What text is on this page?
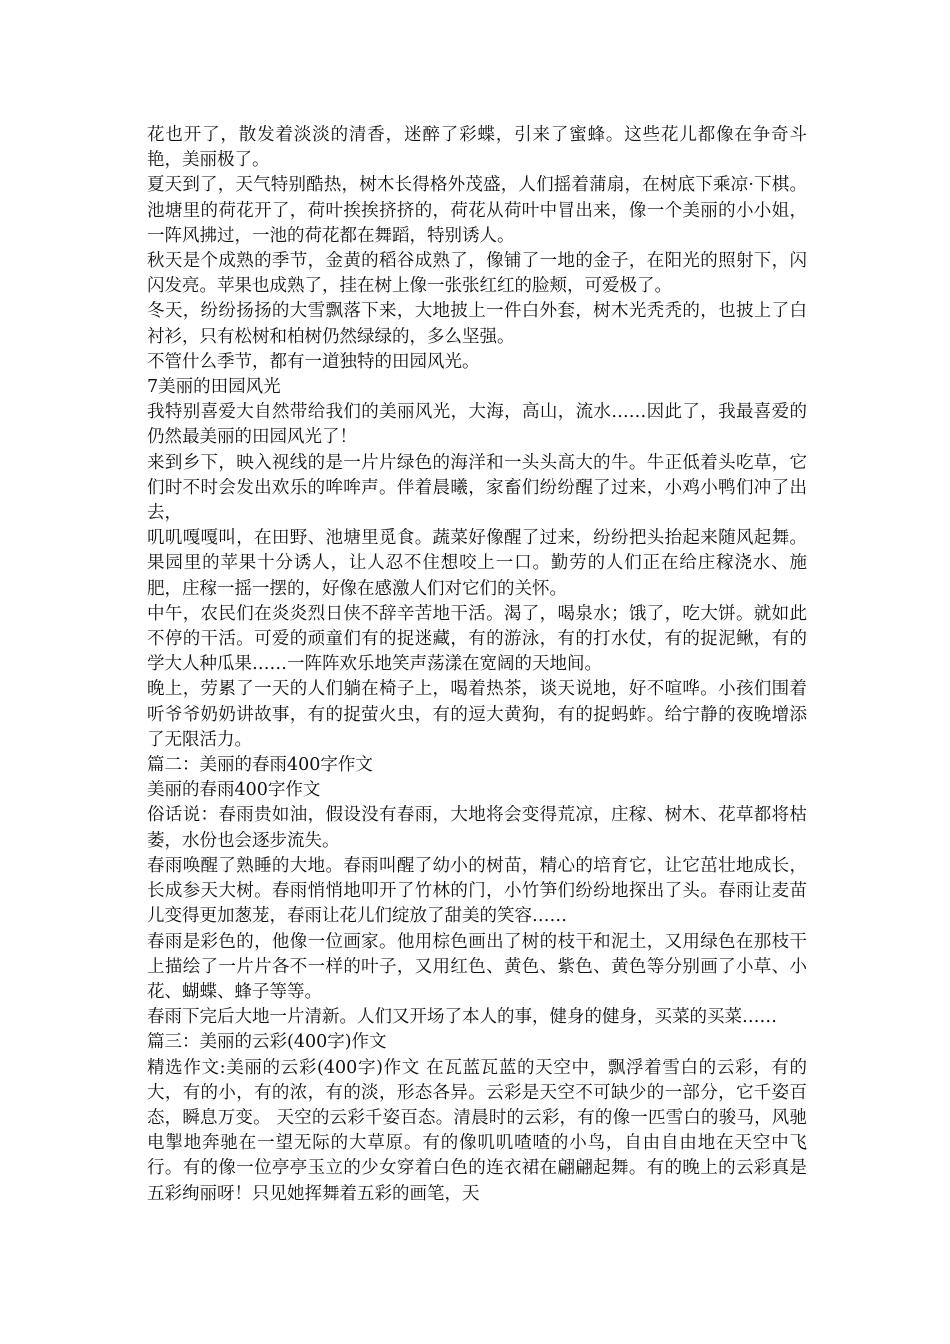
花也开了，散发着淡淡的清香，迷醉了彩蝶，引来了蜜蜂。这些花儿都像在争奇斗艳，美丽极了。

夏天到了，天气特别酷热，树木长得格外茂盛，人们摇着蒲扇，在树底下乘凉·下棋。池塘里的荷花开了，荷叶挨挨挤挤的，荷花从荷叶中冒出来，像一个美丽的小小姐，一阵风拂过，一池的荷花都在舞蹈，特别诱人。

秋天是个成熟的季节，金黄的稻谷成熟了，像铺了一地的金子，在阳光的照射下，闪闪发亮。苹果也成熟了，挂在树上像一张张红红的脸颊，可爱极了。

冬天，纷纷扬扬的大雪飘落下来，大地披上一件白外套，树木光秃秃的，也披上了白衬衫，只有松树和柏树仍然绿绿的，多么坚强。

不管什么季节，都有一道独特的田园风光。

7美丽的田园风光

我特别喜爱大自然带给我们的美丽风光，大海，高山，流水……因此了，我最喜爱的仍然最美丽的田园风光了！

来到乡下，映入视线的是一片片绿色的海洋和一头头高大的牛。牛正低着头吃草，它们时不时会发出欢乐的哞哞声。伴着晨曦，家畜们纷纷醒了过来，小鸡小鸭们冲了出去，

叽叽嘎嘎叫，在田野、池塘里觅食。蔬菜好像醒了过来，纷纷把头抬起来随风起舞。果园里的苹果十分诱人，让人忍不住想咬上一口。勤劳的人们正在给庄稼浇水、施肥，庄稼一摇一摆的，好像在感激人们对它们的关怀。

中午，农民们在炎炎烈日侠不辞辛苦地干活。渴了，喝泉水；饿了，吃大饼。就如此不停的干活。可爱的顽童们有的捉迷藏，有的游泳，有的打水仗，有的捉泥鳅，有的学大人种瓜果……一阵阵欢乐地笑声荡漾在宽阔的天地间。

晚上，劳累了一天的人们躺在椅子上，喝着热茶，谈天说地，好不喧哗。小孩们围着听爷爷奶奶讲故事，有的捉萤火虫，有的逗大黄狗，有的捉蚂蚱。给宁静的夜晚增添了无限活力。

篇二：美丽的春雨400字作文

美丽的春雨400字作文

俗话说：春雨贵如油，假设没有春雨，大地将会变得荒凉，庄稼、树木、花草都将枯萎，水份也会逐步流失。

春雨唤醒了熟睡的大地。春雨叫醒了幼小的树苗，精心的培育它，让它茁壮地成长，长成参天大树。春雨悄悄地叩开了竹林的门，小竹笋们纷纷地探出了头。春雨让麦苗儿变得更加葱茏，春雨让花儿们绽放了甜美的笑容……

春雨是彩色的，他像一位画家。他用棕色画出了树的枝干和泥土，又用绿色在那枝干上描绘了一片片各不一样的叶子，又用红色、黄色、紫色、黄色等分别画了小草、小花、蝴蝶、蜂子等等。

春雨下完后大地一片清新。人们又开场了本人的事，健身的健身，买菜的买菜……

篇三：美丽的云彩(400字)作文

精选作文:美丽的云彩(400字)作文 在瓦蓝瓦蓝的天空中，飘浮着雪白的云彩，有的大，有的小，有的浓，有的淡，形态各异。云彩是天空不可缺少的一部分，它千姿百态，瞬息万变。 天空的云彩千姿百态。清晨时的云彩，有的像一匹雪白的骏马，风驰电掣地奔驰在一望无际的大草原。有的像叽叽喳喳的小鸟，自由自由地在天空中飞行。有的像一位亭亭玉立的少女穿着白色的连衣裙在翩翩起舞。有的晚上的云彩真是五彩绚丽呀！只见她挥舞着五彩的画笔，天
